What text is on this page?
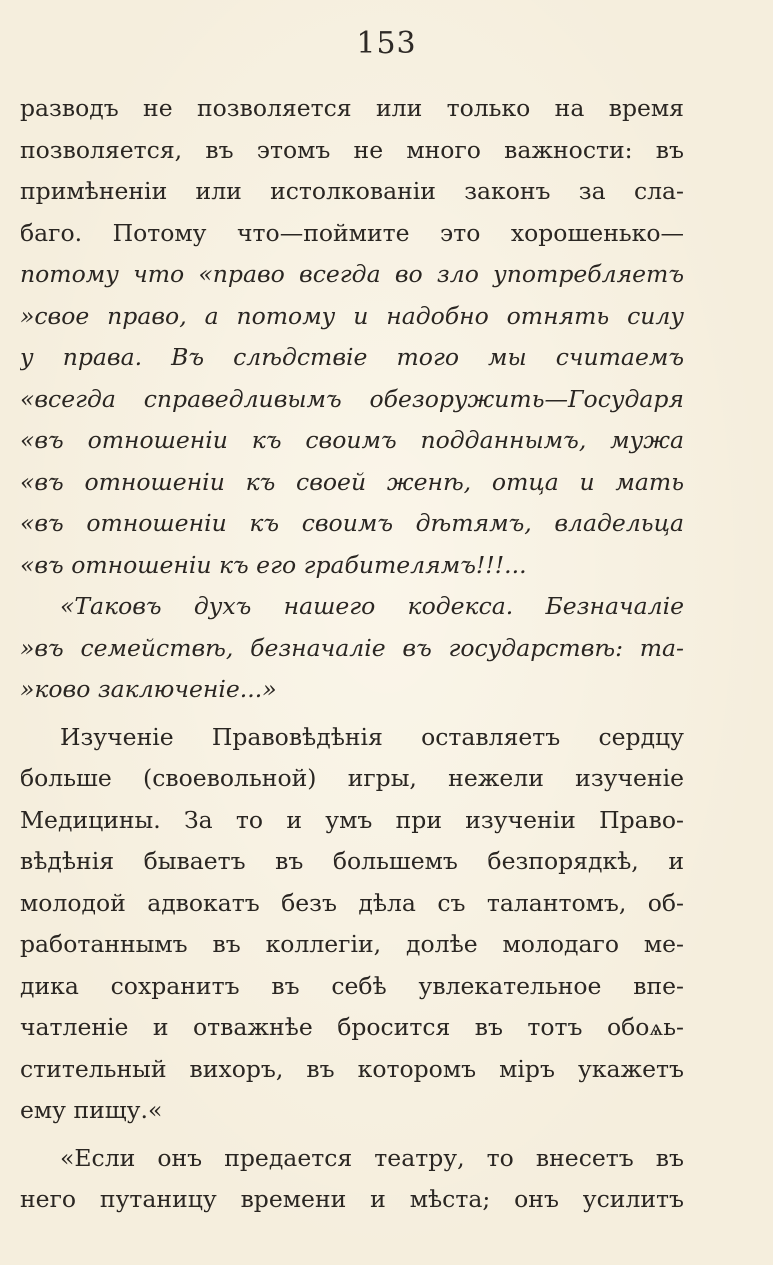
153
разводъ не позволяется или только на время
позволяется, въ этомъ не много важности: въ
примѣненіи или истолкованіи законъ за сла-
баго. Потому что—поймите это хорошенько—
потому что «право всегда во зло употребляетъ
»свое право, а потому и надобно отнять силу
у права. Въ слѣдствіе того мы считаемъ
«всегда справедливымъ обезоружить—Государя
«въ отношеніи къ своимъ подданнымъ, мужа
«въ отношеніи къ своей женѣ, отца и мать
«въ отношеніи къ своимъ дѣтямъ, владельца
«въ отношеніи къ его грабителямъ!!!...
«Таковъ духъ нашего кодекса. Безначаліе
»въ семействѣ, безначаліе въ государствѣ: та-
»ково заключеніе...»
Изученіе Правовѣдѣнія оставляетъ сердцу
больше (своевольной) игры, нежели изученіе
Медицины. За то и умъ при изученіи Право-
вѣдѣнія бываетъ въ большемъ безпорядкѣ, и
молодой адвокатъ безъ дѣла съ талантомъ, об-
работаннымъ въ коллегіи, долѣе молодаго ме-
дика сохранитъ въ себѣ увлекательное впе-
чатленіе и отважнѣе бросится въ тотъ обоѧь-
стительный вихоръ, въ которомъ міръ укажетъ
ему пищу.«
«Если онъ предается театру, то внесетъ въ
него путаницу времени и мѣста; онъ усилитъ
